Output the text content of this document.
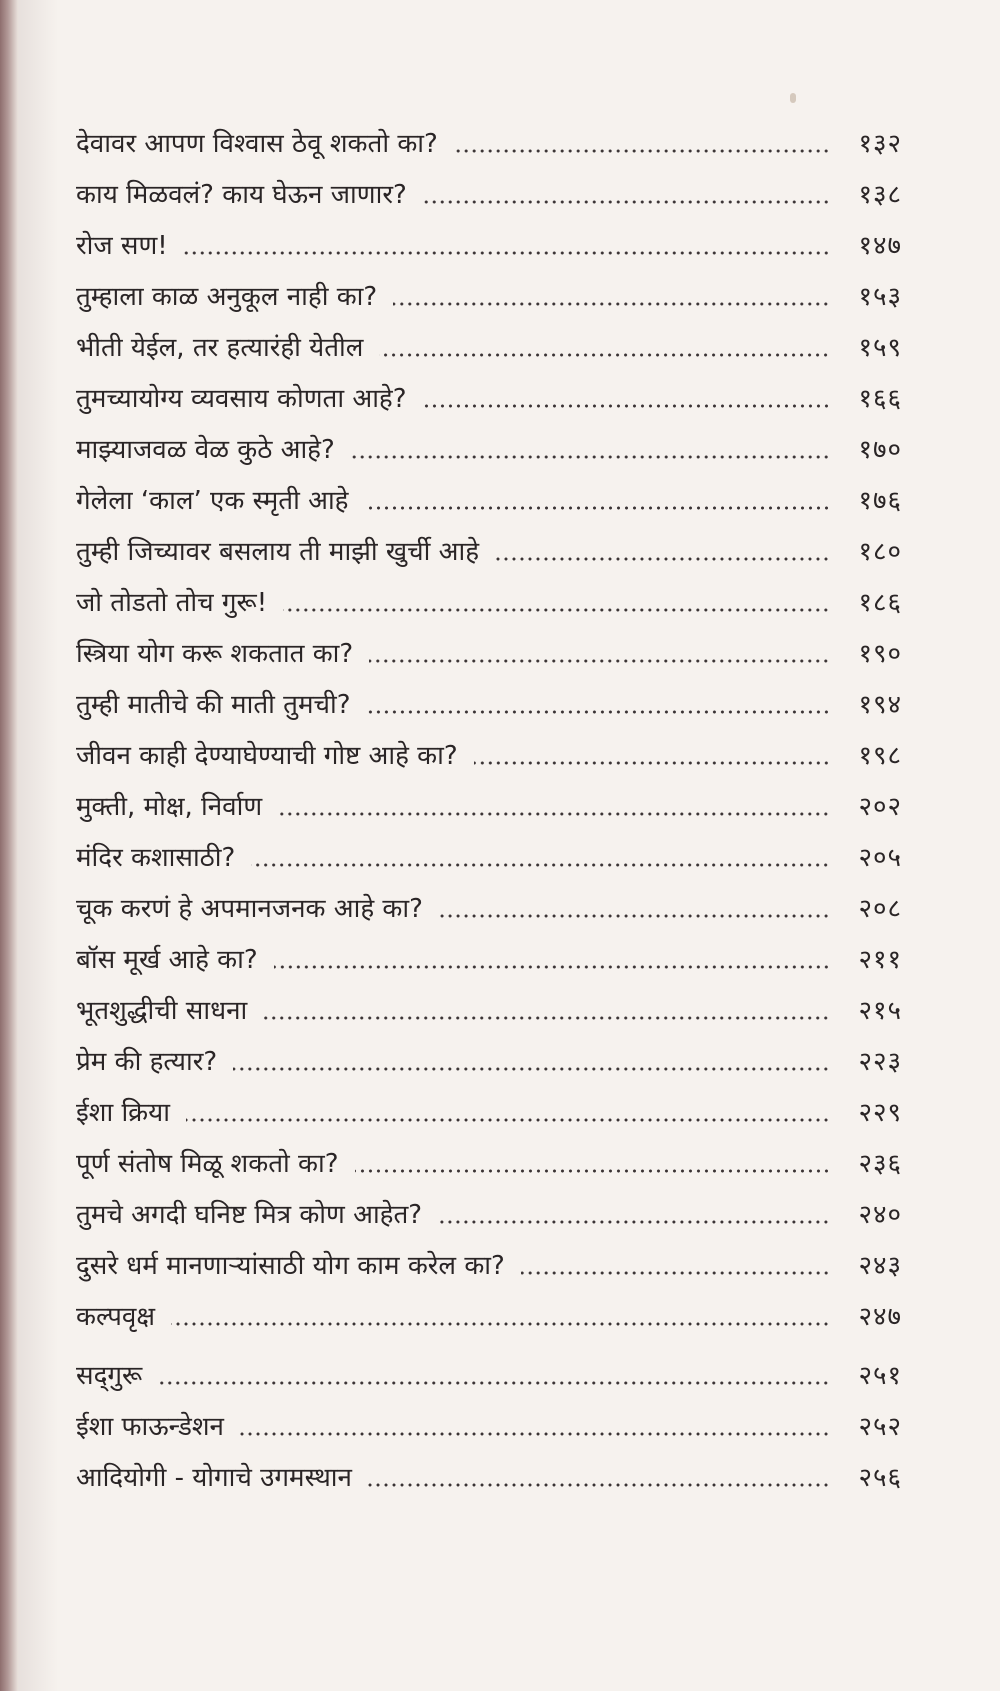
देवावर आपण विश्वास ठेवू शकतो का?	१३२
काय मिळवलं? काय घेऊन जाणार?	१३८
रोज सण!	१४७
तुम्हाला काळ अनुकूल नाही का?	१५३
भीती येईल, तर हत्यारंही येतील	१५९
तुमच्यायोग्य व्यवसाय कोणता आहे?	१६६
माझ्याजवळ वेळ कुठे आहे?	१७०
गेलेला ‘काल’ एक स्मृती आहे	१७६
तुम्ही जिच्यावर बसलाय ती माझी खुर्ची आहे	१८०
जो तोडतो तोच गुरू!	१८६
स्त्रिया योग करू शकतात का?	१९०
तुम्ही मातीचे की माती तुमची?	१९४
जीवन काही देण्याघेण्याची गोष्ट आहे का?	१९८
मुक्ती, मोक्ष, निर्वाण	२०२
मंदिर कशासाठी?	२०५
चूक करणं हे अपमानजनक आहे का?	२०८
बॉस मूर्ख आहे का?	२११
भूतशुद्धीची साधना	२१५
प्रेम की हत्यार?	२२३
ईशा क्रिया	२२९
पूर्ण संतोष मिळू शकतो का?	२३६
तुमचे अगदी घनिष्ट मित्र कोण आहेत?	२४०
दुसरे धर्म मानणाऱ्यांसाठी योग काम करेल का?	२४३
कल्पवृक्ष	२४७
सद्‌गुरू	२५१
ईशा फाऊन्डेशन	२५२
आदियोगी - योगाचे उगमस्थान	२५६
